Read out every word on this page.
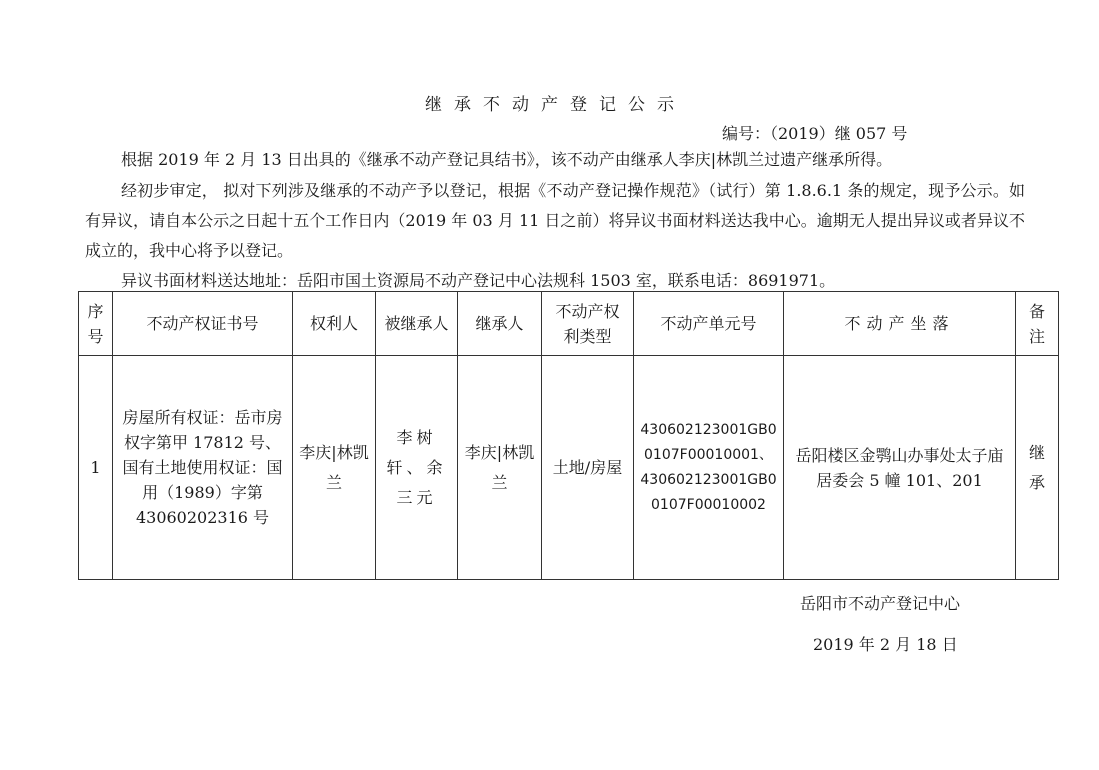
继承不动产登记公示
编号：（2019）继 057 号

根据 2019 年 2 月 13 日出具的《继承不动产登记具结书》，该不动产由继承人李庆|林凯兰过遗产继承所得。

经初步审定， 拟对下列涉及继承的不动产予以登记，根据《不动产登记操作规范》（试行）第 1.8.6.1 条的规定，现予公示。如有异议，请自本公示之日起十五个工作日内（2019 年 03 月 11 日之前）将异议书面材料送达我中心。逾期无人提出异议或者异议不成立的，我中心将予以登记。

异议书面材料送达地址：岳阳市国土资源局不动产登记中心法规科 1503 室，联系电话：8691971。

序号	不动产权证书号	权利人	被继承人	继承人	不动产权利类型	不动产单元号	不动产坐落	备注
1	房屋所有权证：岳市房权字第甲 17812 号、国有土地使用权证：国用（1989）字第 43060202316 号	李庆|林凯兰	李树轩、余三元	李庆|林凯兰	土地/房屋	430602123001GB00107F00010001、430602123001GB00107F00010002	岳阳楼区金鹗山办事处太子庙居委会 5 幢 101、201	继承
岳阳市不动产登记中心
2019 年 2 月 18 日
